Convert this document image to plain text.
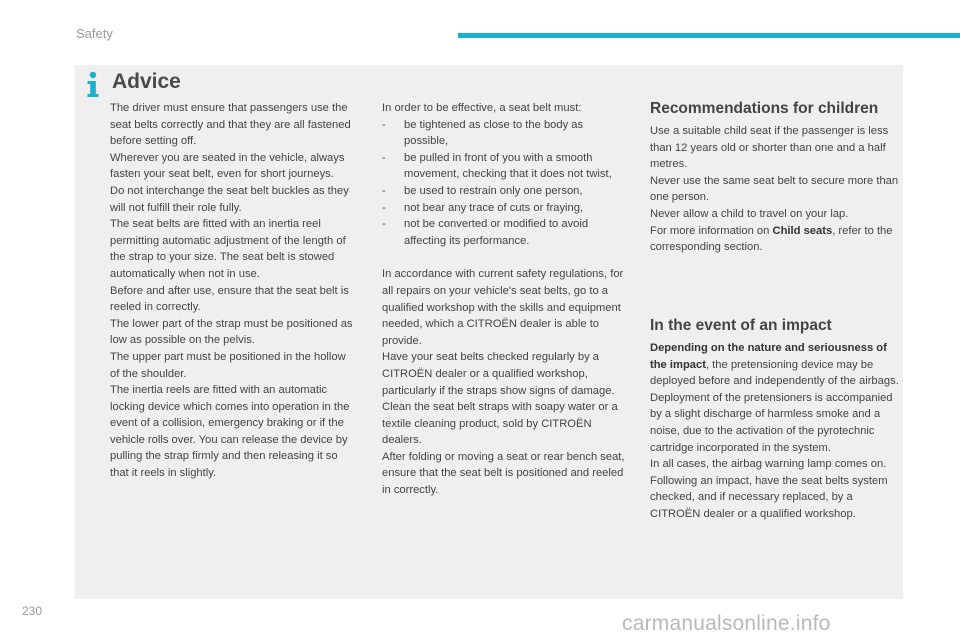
Safety
Advice

The driver must ensure that passengers use the seat belts correctly and that they are all fastened before setting off.

Wherever you are seated in the vehicle, always fasten your seat belt, even for short journeys.

Do not interchange the seat belt buckles as they will not fulfill their role fully.

The seat belts are fitted with an inertia reel permitting automatic adjustment of the length of the strap to your size. The seat belt is stowed automatically when not in use.

Before and after use, ensure that the seat belt is reeled in correctly.

The lower part of the strap must be positioned as low as possible on the pelvis.

The upper part must be positioned in the hollow of the shoulder.

The inertia reels are fitted with an automatic locking device which comes into operation in the event of a collision, emergency braking or if the vehicle rolls over. You can release the device by pulling the strap firmly and then releasing it so that it reels in slightly.

In order to be effective, a seat belt must:

- be tightened as close to the body as possible,
- be pulled in front of you with a smooth movement, checking that it does not twist,
- be used to restrain only one person,
- not bear any trace of cuts or fraying,
- not be converted or modified to avoid affecting its performance.

In accordance with current safety regulations, for all repairs on your vehicle's seat belts, go to a qualified workshop with the skills and equipment needed, which a CITROËN dealer is able to provide.

Have your seat belts checked regularly by a CITROËN dealer or a qualified workshop, particularly if the straps show signs of damage.

Clean the seat belt straps with soapy water or a textile cleaning product, sold by CITROËN dealers.

After folding or moving a seat or rear bench seat, ensure that the seat belt is positioned and reeled in correctly.

Recommendations for children

Use a suitable child seat if the passenger is less than 12 years old or shorter than one and a half metres.

Never use the same seat belt to secure more than one person.

Never allow a child to travel on your lap.

For more information on Child seats, refer to the corresponding section.

In the event of an impact

Depending on the nature and seriousness of the impact, the pretensioning device may be deployed before and independently of the airbags.

Deployment of the pretensioners is accompanied by a slight discharge of harmless smoke and a noise, due to the activation of the pyrotechnic cartridge incorporated in the system.

In all cases, the airbag warning lamp comes on.

Following an impact, have the seat belts system checked, and if necessary replaced, by a CITROËN dealer or a qualified workshop.

230
carmanualsonline.info
